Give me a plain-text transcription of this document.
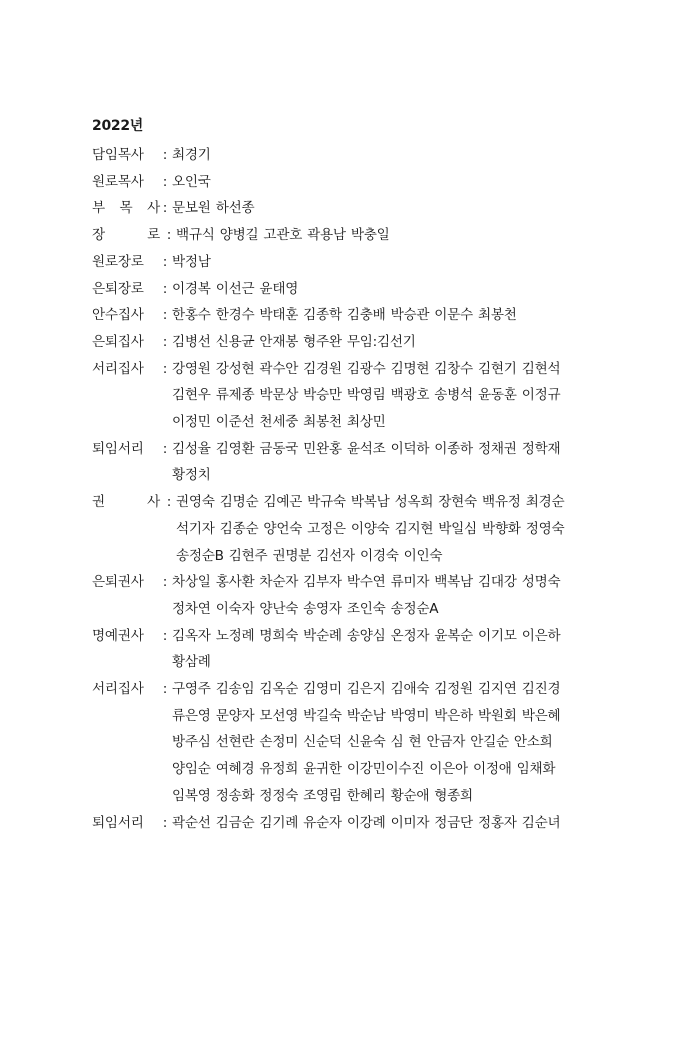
2022년
담임목사	: 최경기
원로목사	: 오인국
부 목 사 : 문보원 하선종
장	로 : 백규식 양병길 고관호 곽용남 박충일
원로장로	: 박정남
은퇴장로	: 이경복 이선근 윤태영
안수집사	: 한홍수 한경수 박태훈 김종학 김충배 박승관 이문수 최봉천
은퇴집사	: 김병선 신용균 안재봉 형주완 무임:김선기
서리집사	: 강영원 강성현 곽수안 김경원 김광수 김명현 김창수 김현기 김현석
김현우 류제종 박문상 박승만 박영림 백광호 송병석 윤동훈 이정규
이정민 이준선 천세중 최봉천 최상민
퇴임서리	: 김성율 김영환 금동국 민완홍 윤석조 이덕하 이종하 정채권 정학재
황정치
권	사 : 권영숙 김명순 김예곤 박규숙 박복남 성옥희 장현숙 백유정 최경순
석기자 김종순 양언숙 고정은 이양숙 김지현 박일심 박향화 정영숙
송정순B 김현주 권명분 김선자 이경숙 이인숙
은퇴권사	: 차상일 홍사환 차순자 김부자 박수연 류미자 백복남 김대강 성명숙
정차연 이숙자 양난숙 송영자 조인숙 송정순A
명예권사	: 김옥자 노정례 명희숙 박순례 송양심 온정자 윤복순 이기모 이은하
황삼례
서리집사	: 구영주 김송임 김옥순 김영미 김은지 김애숙 김정원 김지연 김진경
류은영 문양자 모선영 박길숙 박순남 박영미 박은하 박원회 박은혜
방주심 선현란 손정미 신순덕 신윤숙 심 현 안금자 안길순 안소희
양임순 여혜경 유정희 윤귀한 이강민이수진 이은아 이정애 임채화
임복영 정송화 정정숙 조영림 한혜리 황순애 형종희
퇴임서리	: 곽순선 김금순 김기례 유순자 이강례 이미자 정금단 정홍자 김순녀
